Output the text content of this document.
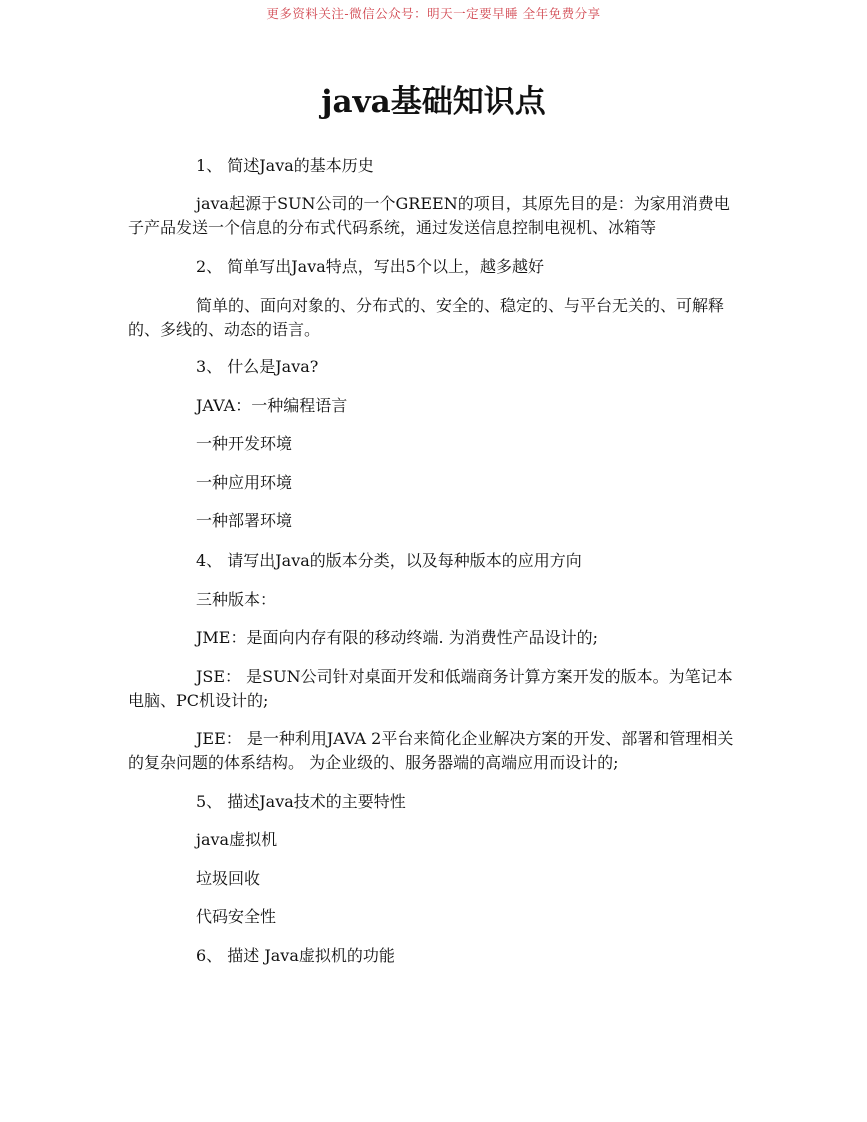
更多资料关注-微信公众号：明天一定要早睡 全年免费分享
java基础知识点
1、 简述Java的基本历史
java起源于SUN公司的一个GREEN的项目，其原先目的是：为家用消费电子产品发送一个信息的分布式代码系统，通过发送信息控制电视机、冰箱等
2、 简单写出Java特点，写出5个以上，越多越好
简单的、面向对象的、分布式的、安全的、稳定的、与平台无关的、可解释的、多线的、动态的语言。
3、 什么是Java?
JAVA：一种编程语言
一种开发环境
一种应用环境
一种部署环境
4、 请写出Java的版本分类，以及每种版本的应用方向
三种版本：
JME：是面向内存有限的移动终端. 为消费性产品设计的;
JSE： 是SUN公司针对桌面开发和低端商务计算方案开发的版本。为笔记本电脑、PC机设计的;
JEE： 是一种利用JAVA 2平台来简化企业解决方案的开发、部署和管理相关的复杂问题的体系结构。 为企业级的、服务器端的高端应用而设计的;
5、 描述Java技术的主要特性
java虚拟机
垃圾回收
代码安全性
6、 描述 Java虚拟机的功能
